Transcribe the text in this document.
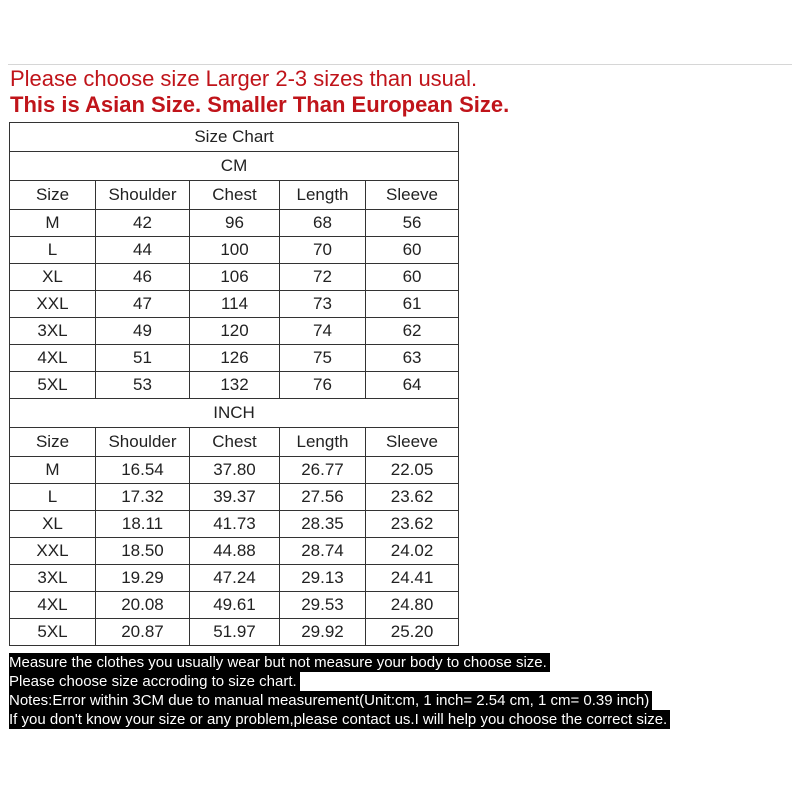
Please choose size Larger 2-3 sizes than usual.
This is Asian Size. Smaller Than European Size.
Size Chart				
CM				
Size	Shoulder	Chest	Length	Sleeve
M	42	96	68	56
L	44	100	70	60
XL	46	106	72	60
XXL	47	114	73	61
3XL	49	120	74	62
4XL	51	126	75	63
5XL	53	132	76	64
INCH				
Size	Shoulder	Chest	Length	Sleeve
M	16.54	37.80	26.77	22.05
L	17.32	39.37	27.56	23.62
XL	18.11	41.73	28.35	23.62
XXL	18.50	44.88	28.74	24.02
3XL	19.29	47.24	29.13	24.41
4XL	20.08	49.61	29.53	24.80
5XL	20.87	51.97	29.92	25.20
Measure the clothes you usually wear but not measure your body to choose size.
Please choose size accroding to size chart.
Notes:Error within 3CM due to manual measurement(Unit:cm, 1 inch= 2.54 cm, 1 cm= 0.39 inch)
If you don't know your size or any problem,please contact us.I will help you choose the correct size.
